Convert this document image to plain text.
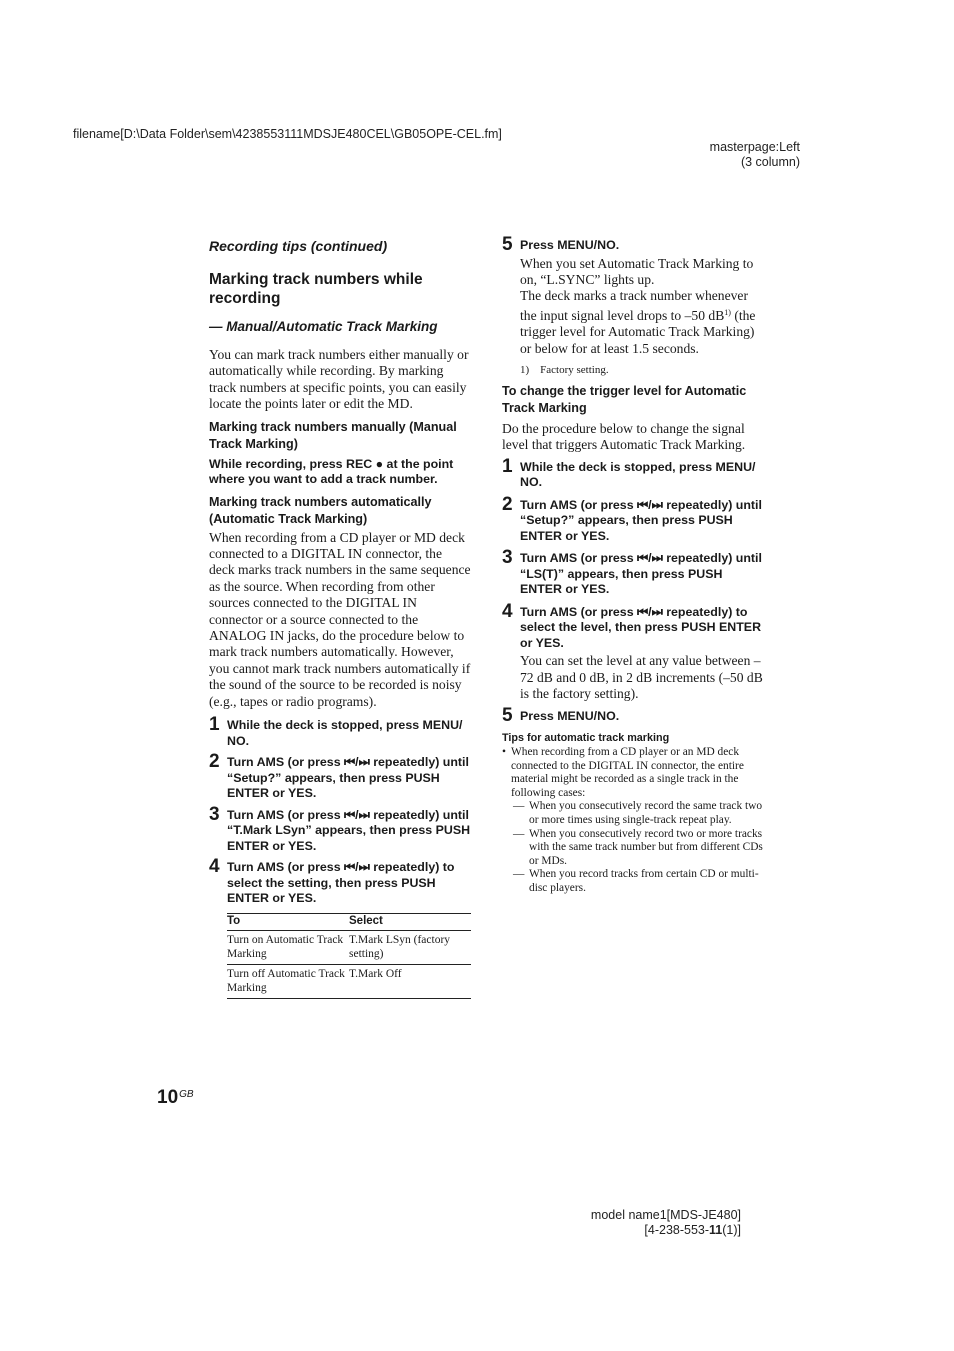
filename[D:\Data Folder\sem\4238553111MDSJE480CEL\GB05OPE-CEL.fm]
masterpage:Left
(3 column)

Recording tips (continued)

Marking track numbers while recording

— Manual/Automatic Track Marking

You can mark track numbers either manually or automatically while recording. By marking track numbers at specific points, you can easily locate the points later or edit the MD.

Marking track numbers manually (Manual Track Marking)

While recording, press REC ● at the point where you want to add a track number.

Marking track numbers automatically (Automatic Track Marking)

When recording from a CD player or MD deck connected to a DIGITAL IN connector, the deck marks track numbers in the same sequence as the source. When recording from other sources connected to the DIGITAL IN connector or a source connected to the ANALOG IN jacks, do the procedure below to mark track numbers automatically. However, you cannot mark track numbers automatically if the sound of the source to be recorded is noisy (e.g., tapes or radio programs).

1 While the deck is stopped, press MENU/ NO.
2 Turn AMS (or press ⏮/⏭ repeatedly) until “Setup?” appears, then press PUSH ENTER or YES.
3 Turn AMS (or press ⏮/⏭ repeatedly) until “T.Mark LSyn” appears, then press PUSH ENTER or YES.
4 Turn AMS (or press ⏮/⏭ repeatedly) to select the setting, then press PUSH ENTER or YES.
To	Select
Turn on Automatic Track Marking	T.Mark LSyn (factory setting)
Turn off Automatic Track Marking	T.Mark Off
5 Press MENU/NO.
When you set Automatic Track Marking to on, “L.SYNC” lights up.
The deck marks a track number whenever the input signal level drops to –50 $dB^{1)}$ (the trigger level for Automatic Track Marking) or below for at least 1.5 seconds.

1) Factory setting.

To change the trigger level for Automatic Track Marking

Do the procedure below to change the signal level that triggers Automatic Track Marking.

1 While the deck is stopped, press MENU/ NO.
2 Turn AMS (or press ⏮/⏭ repeatedly) until “Setup?” appears, then press PUSH ENTER or YES.
3 Turn AMS (or press ⏮/⏭ repeatedly) until “LS(T)” appears, then press PUSH ENTER or YES.
4 Turn AMS (or press ⏮/⏭ repeatedly) to select the level, then press PUSH ENTER or YES.
You can set the level at any value between –72 dB and 0 dB, in 2 dB increments (–50 dB is the factory setting).
5 Press MENU/NO.

Tips for automatic track marking

• When recording from a CD player or an MD deck connected to the DIGITAL IN connector, the entire material might be recorded as a single track in the following cases:
— When you consecutively record the same track two or more times using single-track repeat play.
— When you consecutively record two or more tracks with the same track number but from different CDs or MDs.
— When you record tracks from certain CD or multi-disc players.
$10_{GB}$
model name1[MDS-JE480]
[4-238-553-11(1)]
